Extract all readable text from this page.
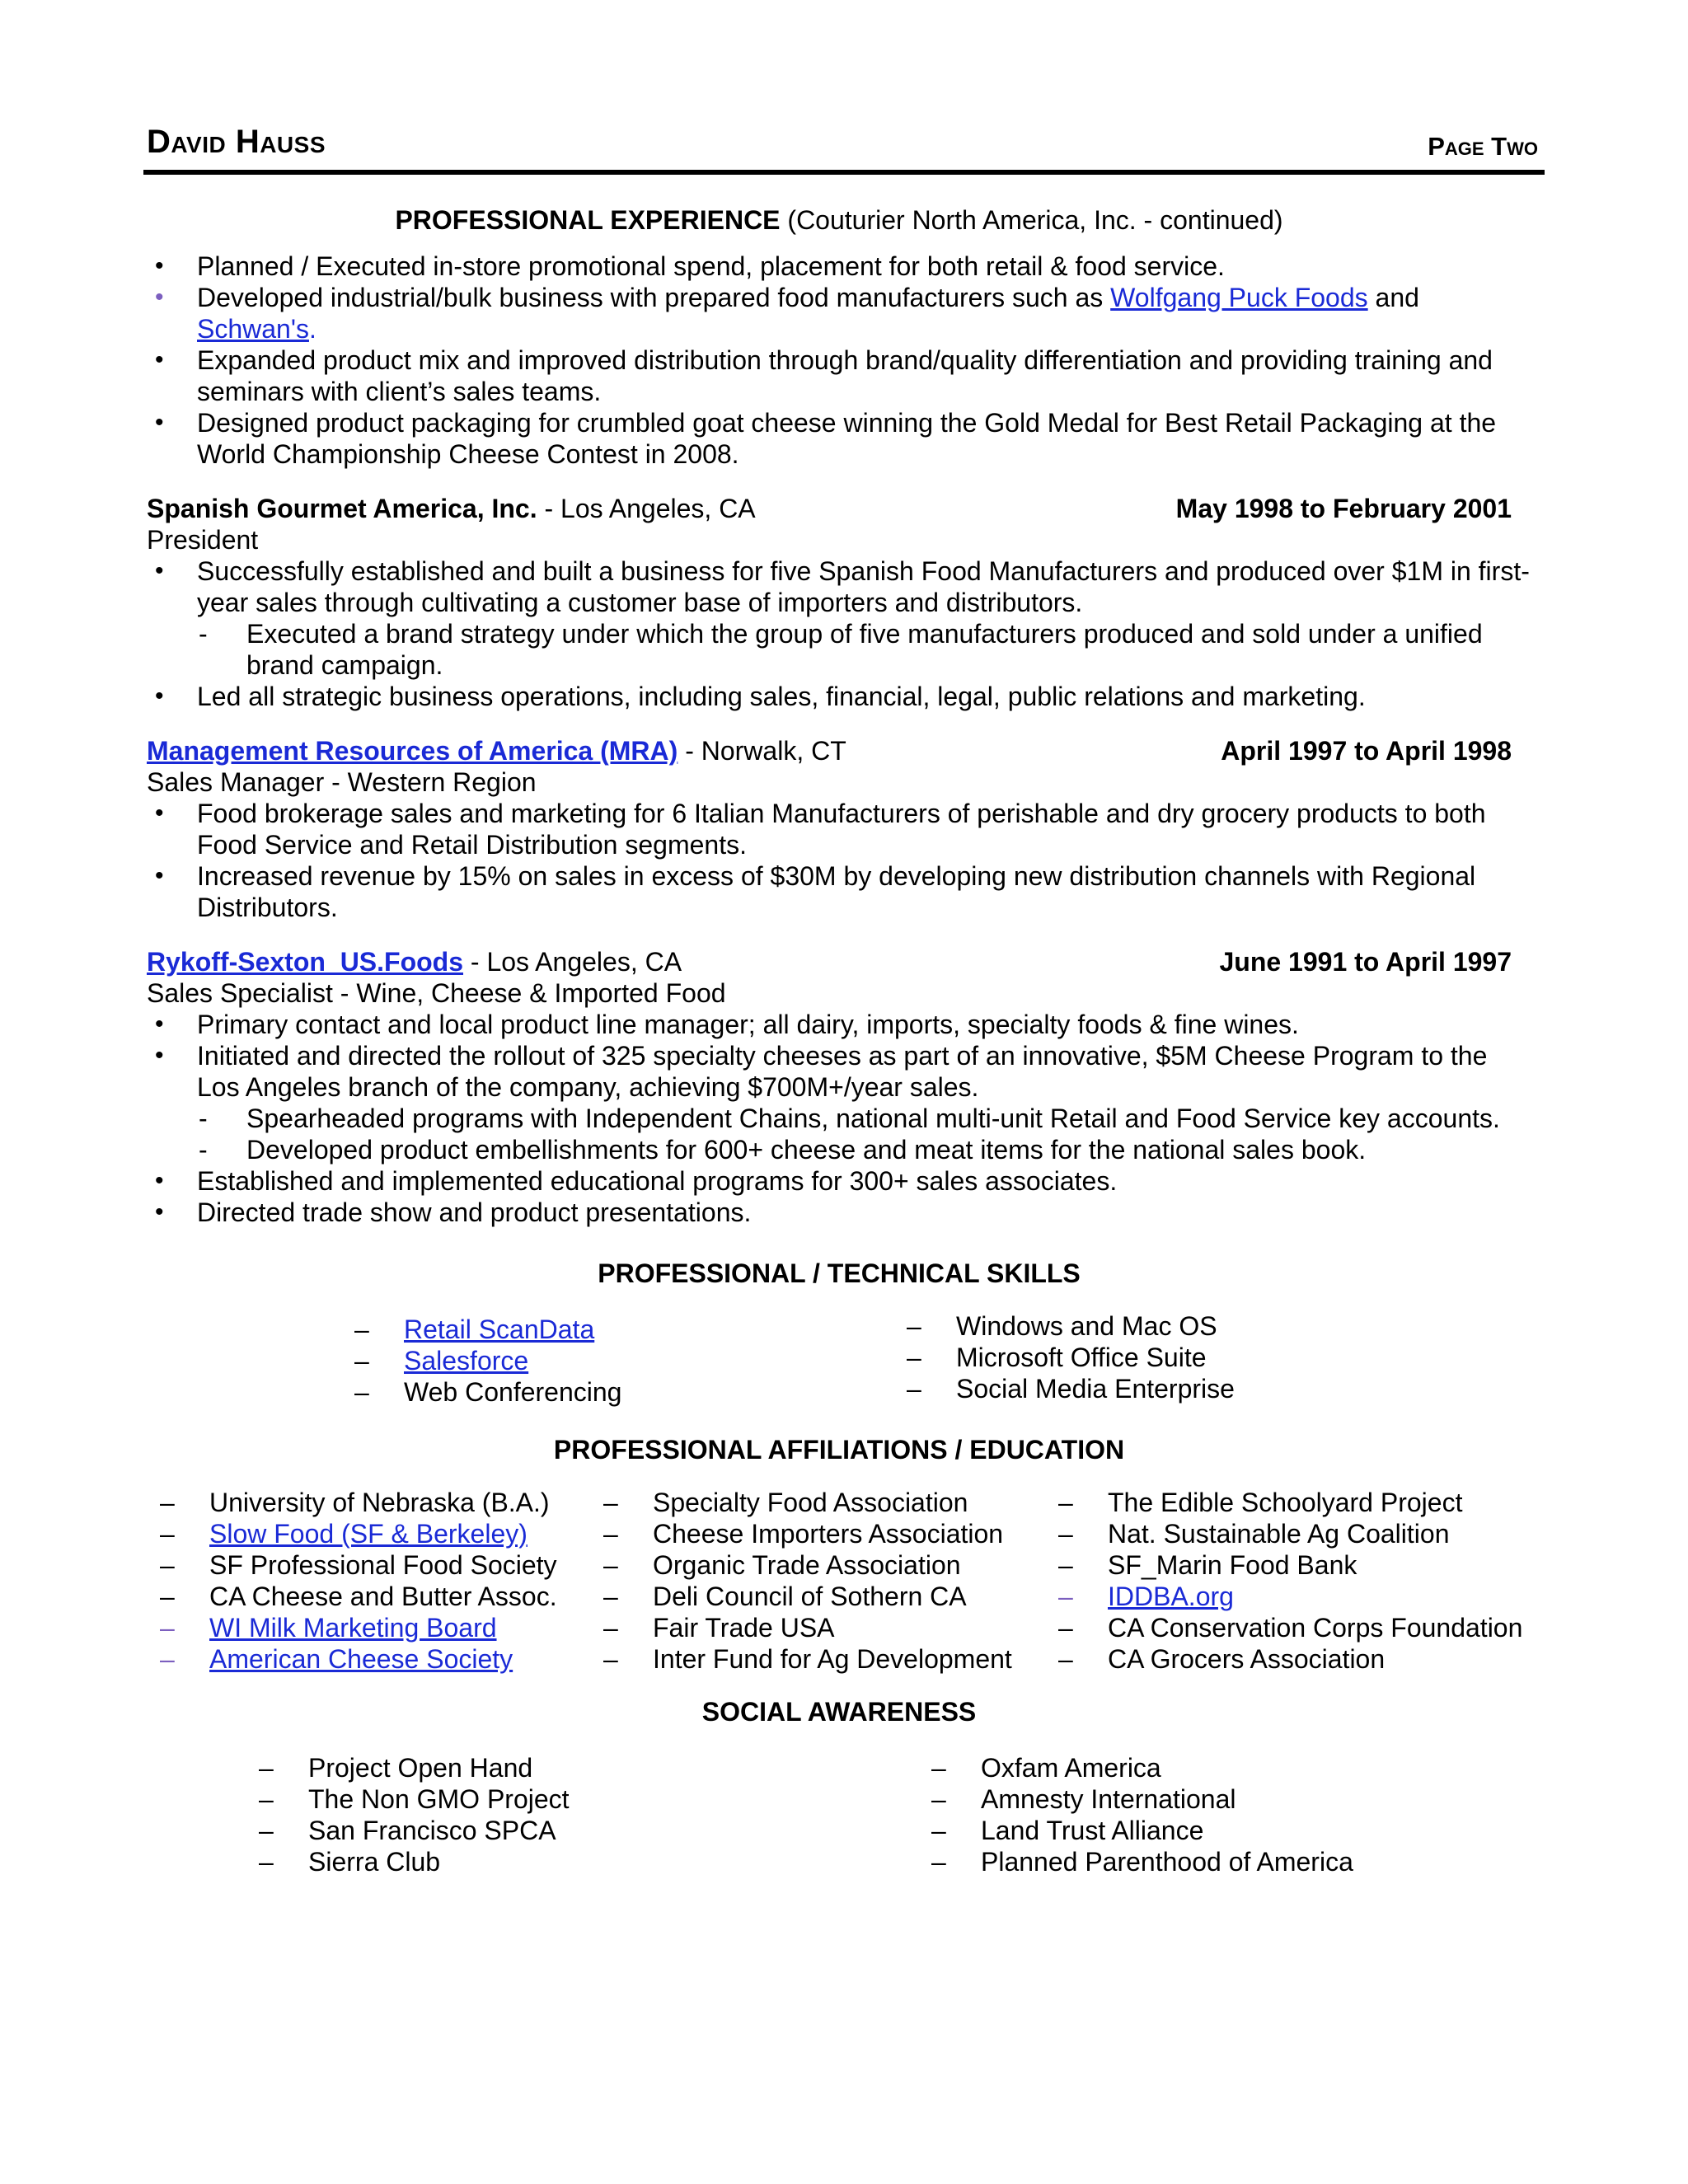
David Hauss	Page Two
PROFESSIONAL EXPERIENCE (Couturier North America, Inc. - continued)
• Planned / Executed in-store promotional spend, placement for both retail & food service.
• Developed industrial/bulk business with prepared food manufacturers such as Wolfgang Puck Foods and
Schwan's.
• Expanded product mix and improved distribution through brand/quality differentiation and providing training and seminars with client’s sales teams.
• Designed product packaging for crumbled goat cheese winning the Gold Medal for Best Retail Packaging at the World Championship Cheese Contest in 2008.
Spanish Gourmet America, Inc. - Los Angeles, CA	May 1998 to February 2001
President
• Successfully established and built a business for five Spanish Food Manufacturers and produced over $1M in first-year sales through cultivating a customer base of importers and distributors.
- Executed a brand strategy under which the group of five manufacturers produced and sold under a unified brand campaign.
• Led all strategic business operations, including sales, financial, legal, public relations and marketing.
Management Resources of America (MRA) - Norwalk, CT	April 1997 to April 1998
Sales Manager - Western Region
• Food brokerage sales and marketing for 6 Italian Manufacturers of perishable and dry grocery products to both Food Service and Retail Distribution segments.
• Increased revenue by 15% on sales in excess of $30M by developing new distribution channels with Regional Distributors.
Rykoff-Sexton  US.Foods - Los Angeles, CA	June 1991 to April 1997
Sales Specialist - Wine, Cheese & Imported Food
• Primary contact and local product line manager; all dairy, imports, specialty foods & fine wines.
• Initiated and directed the rollout of 325 specialty cheeses as part of an innovative, $5M Cheese Program to the Los Angeles branch of the company, achieving $700M+/year sales.
- Spearheaded programs with Independent Chains, national multi-unit Retail and Food Service key accounts.
- Developed product embellishments for 600+ cheese and meat items for the national sales book.
• Established and implemented educational programs for 300+ sales associates.
• Directed trade show and product presentations.
PROFESSIONAL / TECHNICAL SKILLS
– Retail ScanData
– Salesforce
– Web Conferencing
– Windows and Mac OS
– Microsoft Office Suite
– Social Media Enterprise
PROFESSIONAL AFFILIATIONS / EDUCATION
– University of Nebraska (B.A.)
– Slow Food (SF & Berkeley)
– SF Professional Food Society
– CA Cheese and Butter Assoc.
– WI Milk Marketing Board
– American Cheese Society
– Specialty Food Association
– Cheese Importers Association
– Organic Trade Association
– Deli Council of Sothern CA
– Fair Trade USA
– Inter Fund for Ag Development
– The Edible Schoolyard Project
– Nat. Sustainable Ag Coalition
– SF_Marin Food Bank
– IDDBA.org
– CA Conservation Corps Foundation
– CA Grocers Association
SOCIAL AWARENESS
– Project Open Hand
– The Non GMO Project
– San Francisco SPCA
– Sierra Club
– Oxfam America
– Amnesty International
– Land Trust Alliance
– Planned Parenthood of America
